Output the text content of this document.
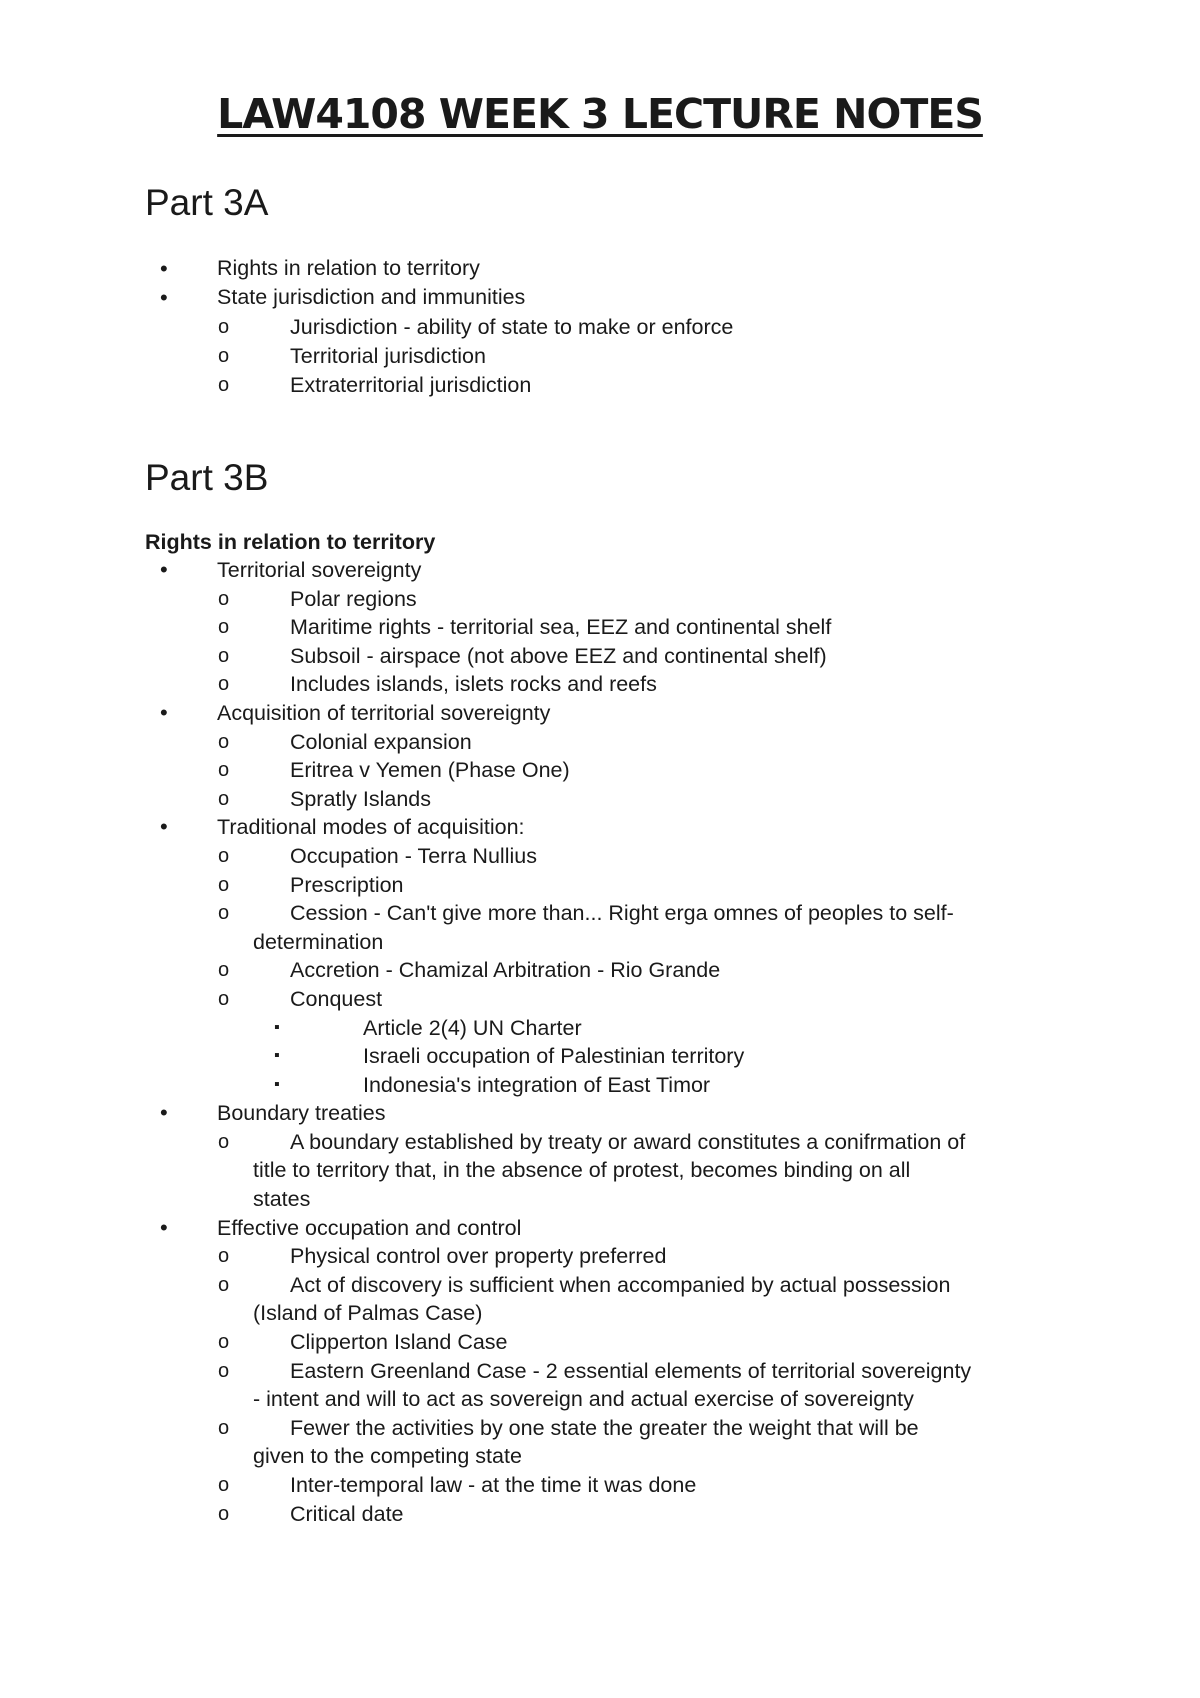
LAW4108 WEEK 3 LECTURE NOTES
Part 3A
• Rights in relation to territory
• State jurisdiction and immunities
o	Jurisdiction - ability of state to make or enforce
o	Territorial jurisdiction
o	Extraterritorial jurisdiction
Part 3B
Rights in relation to territory
• Territorial sovereignty
o	Polar regions
o	Maritime rights - territorial sea, EEZ and continental shelf
o	Subsoil - airspace (not above EEZ and continental shelf)
o	Includes islands, islets rocks and reefs
• Acquisition of territorial sovereignty
o	Colonial expansion
o	Eritrea v Yemen (Phase One)
o	Spratly Islands
• Traditional modes of acquisition:
o	Occupation - Terra Nullius
o	Prescription
o	Cession - Can't give more than... Right erga omnes of peoples to self-
determination
o	Accretion - Chamizal Arbitration - Rio Grande
o	Conquest
▪	Article 2(4) UN Charter
▪	Israeli occupation of Palestinian territory
▪	Indonesia's integration of East Timor
• Boundary treaties
o	A boundary established by treaty or award constitutes a conifrmation of
title to territory that, in the absence of protest, becomes binding on all
states
• Effective occupation and control
o	Physical control over property preferred
o	Act of discovery is sufficient when accompanied by actual possession
(Island of Palmas Case)
o	Clipperton Island Case
o	Eastern Greenland Case - 2 essential elements of territorial sovereignty
- intent and will to act as sovereign and actual exercise of sovereignty
o	Fewer the activities by one state the greater the weight that will be
given to the competing state
o	Inter-temporal law - at the time it was done
o	Critical date
